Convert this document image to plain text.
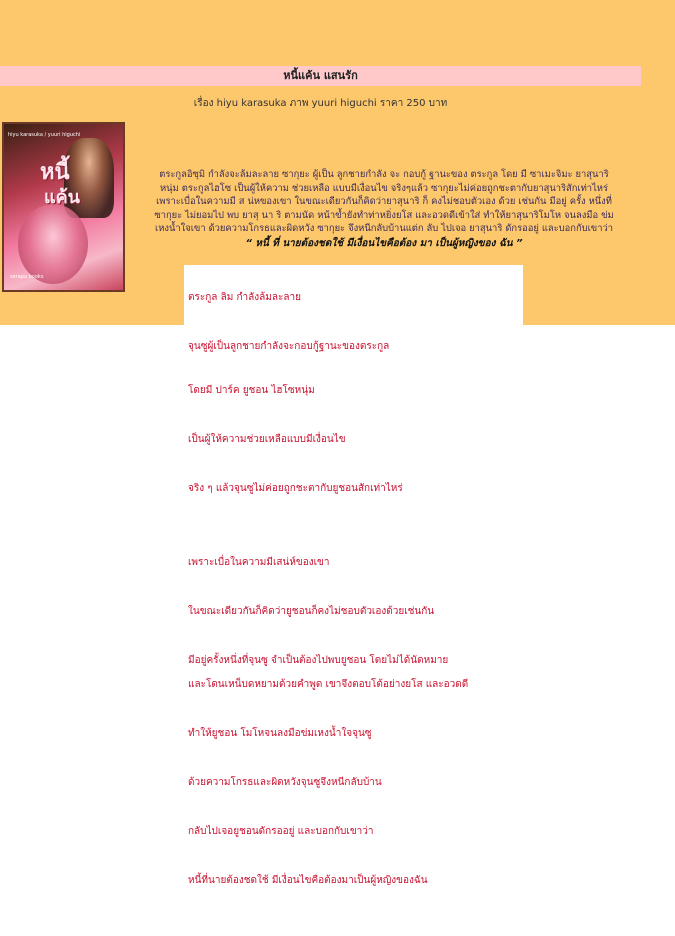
หนี้แค้น แสนรัก
เรื่อง hiyu karasuka ภาพ yuuri higuchi ราคา 250 บาท
hiyu karasuka / yuuri higuchi
หนี้
แค้น
serapa books
ตระกูลอิซุมิ กำลังจะล้มละลาย ซากุยะ ผู้เป็น ลูกชายกำลัง จะ กอบกู้ ฐานะของ ตระกูล โดย มี ซาเมะจิมะ ยาสุนาริ
หนุ่ม ตระกูลไฮโซ เป็นผู้ให้ความ ช่วยเหลือ แบบมีเงื่อนไข จริงๆแล้ว ซากุยะไม่ค่อยถูกชะตากับยาสุนาริสักเท่าไหร่
เพราะเบื่อในความมี ส น่หของเขา ในขณะเดียวกันก็คิดว่ายาสุนาริ ก็ คงไม่ชอบตัวเอง ด้วย เช่นกัน มีอยู่ ครั้ง หนึ่งที่
ซากุยะ ไม่ยอมไป พบ ยาสุ นา ริ ตามนัด หน้าข้ำยังทำท่าหยิ่งยโส และอวดดีเข้าใส่ ทำให้ยาสุนาริโมโห จนลงมือ ข่ม
เหงน้ำใจเขา ด้วยความโกรธและผิดหวัง ซากุยะ จึงหนีกลับบ้านแต่ก ลับ ไปเจอ ยาสุนาริ ดักรออยู่ และบอกกับเขาว่า
“ หนี้ ที่ นายต้องชดใช้ มีเงื่อนไขคือต้อง มา เป็นผู้หญิงของ ฉัน ”
ตระกูล ลิม กำลังล้มละลาย
จุนซูผู้เป็นลูกชายกำลังจะกอบกู้ฐานะของตระกูล
โดยมี ปาร์ค ยูชอน ไฮโซหนุ่ม
เป็นผู้ให้ความช่วยเหลือแบบมีเงื่อนไข
จริง ๆ แล้วจุนซูไม่ค่อยถูกชะตากับยูชอนสักเท่าไหร่
เพราะเบื่อในความมีเสน่ห์ของเขา
ในขณะเดียวกันก็คิดว่ายูชอนก็คงไม่ชอบตัวเองด้วยเช่นกัน
มีอยู่ครั้งหนึ่งที่จุนซู จำเป็นต้องไปพบยูชอน โดยไม่ได้นัดหมาย
และโดนเหน็บดหยามด้วยคำพูด เขาจึงตอบโต้อย่างยโส และอวดดี
ทำให้ยูชอน โมโหจนลงมือข่มเหงน้ำใจจุนซู
ด้วยความโกรธและผิดหวังจุนซูจึงหนีกลับบ้าน
กลับไปเจอยูชอนดักรออยู่ และบอกกับเขาว่า
หนี้ที่นายต้องชดใช้ มีเงื่อนไขคือต้องมาเป็นผู้หญิงของฉัน
